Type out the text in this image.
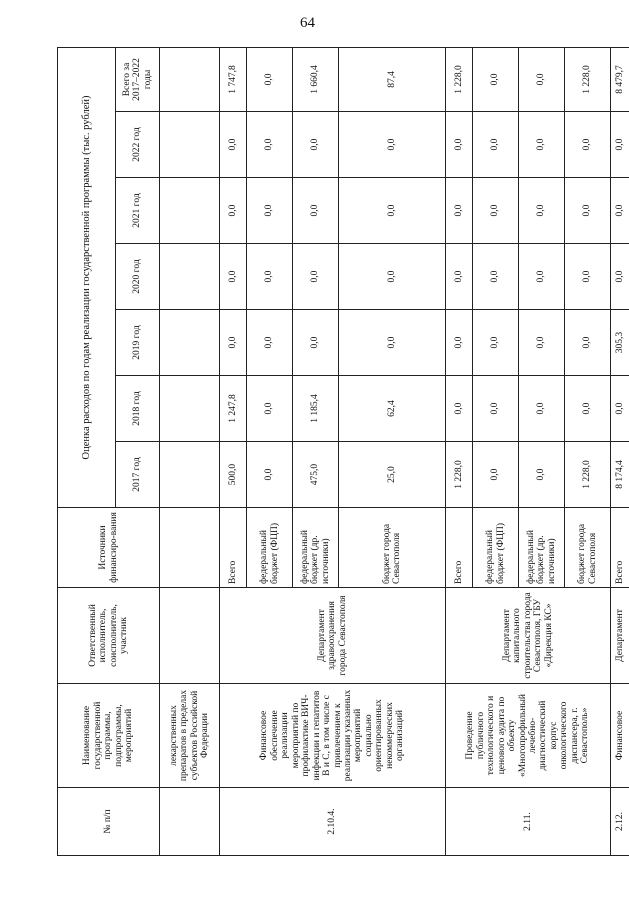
64
№ п/п	Наименование государственной программы, подпрограммы, мероприятий	Ответственный исполнитель, соисполнитель, участник	Источники финансиро-вания	Оценка расходов по годам реализации государственной программы (тыс. рублей)						
				2017 год	2018 год	2019 год	2020 год	2021 год	2022 год	Всего за 2017–2022 годы
	лекарственных препаратов в пределах субъектов Российской Федерации									
2.10.4.	Финансовое обеспечение реализации мероприятий по профилактике ВИЧ-инфекции и гепатитов В и С, в том числе с привлечением к реализации указанных мероприятий социально ориентированных некоммерческих организаций	Департамент здравоохранения города Севастополя	Всего	500,0	1 247,8	0,0	0,0	0,0	0,0	1 747,8
			федеральный бюджет (ФЦП)	0,0	0,0	0,0	0,0	0,0	0,0	0,0
			федеральный бюджет (др. источники)	475,0	1 185,4	0,0	0,0	0,0	0,0	1 660,4
			бюджет города Севастополя	25,0	62,4	0,0	0,0	0,0	0,0	87,4
2.11.	Проведение публичного технологического и ценового аудита по объекту «Многопрофильный лечебно-диагностический корпус онкологического диспансера, г. Севастополь»	Департамент капитального строительства города Севастополя, ГБУ «Дирекция КС»	Всего	1 228,0	0,0	0,0	0,0	0,0	0,0	1 228,0
			федеральный бюджет (ФЦП)	0,0	0,0	0,0	0,0	0,0	0,0	0,0
			федеральный бюджет (др. источники)	0,0	0,0	0,0	0,0	0,0	0,0	0,0
			бюджет города Севастополя	1 228,0	0,0	0,0	0,0	0,0	0,0	1 228,0
2.12.	Финансовое	Департамент	Всего	8 174,4	0,0	305,3	0,0	0,0	0,0	8 479,7
